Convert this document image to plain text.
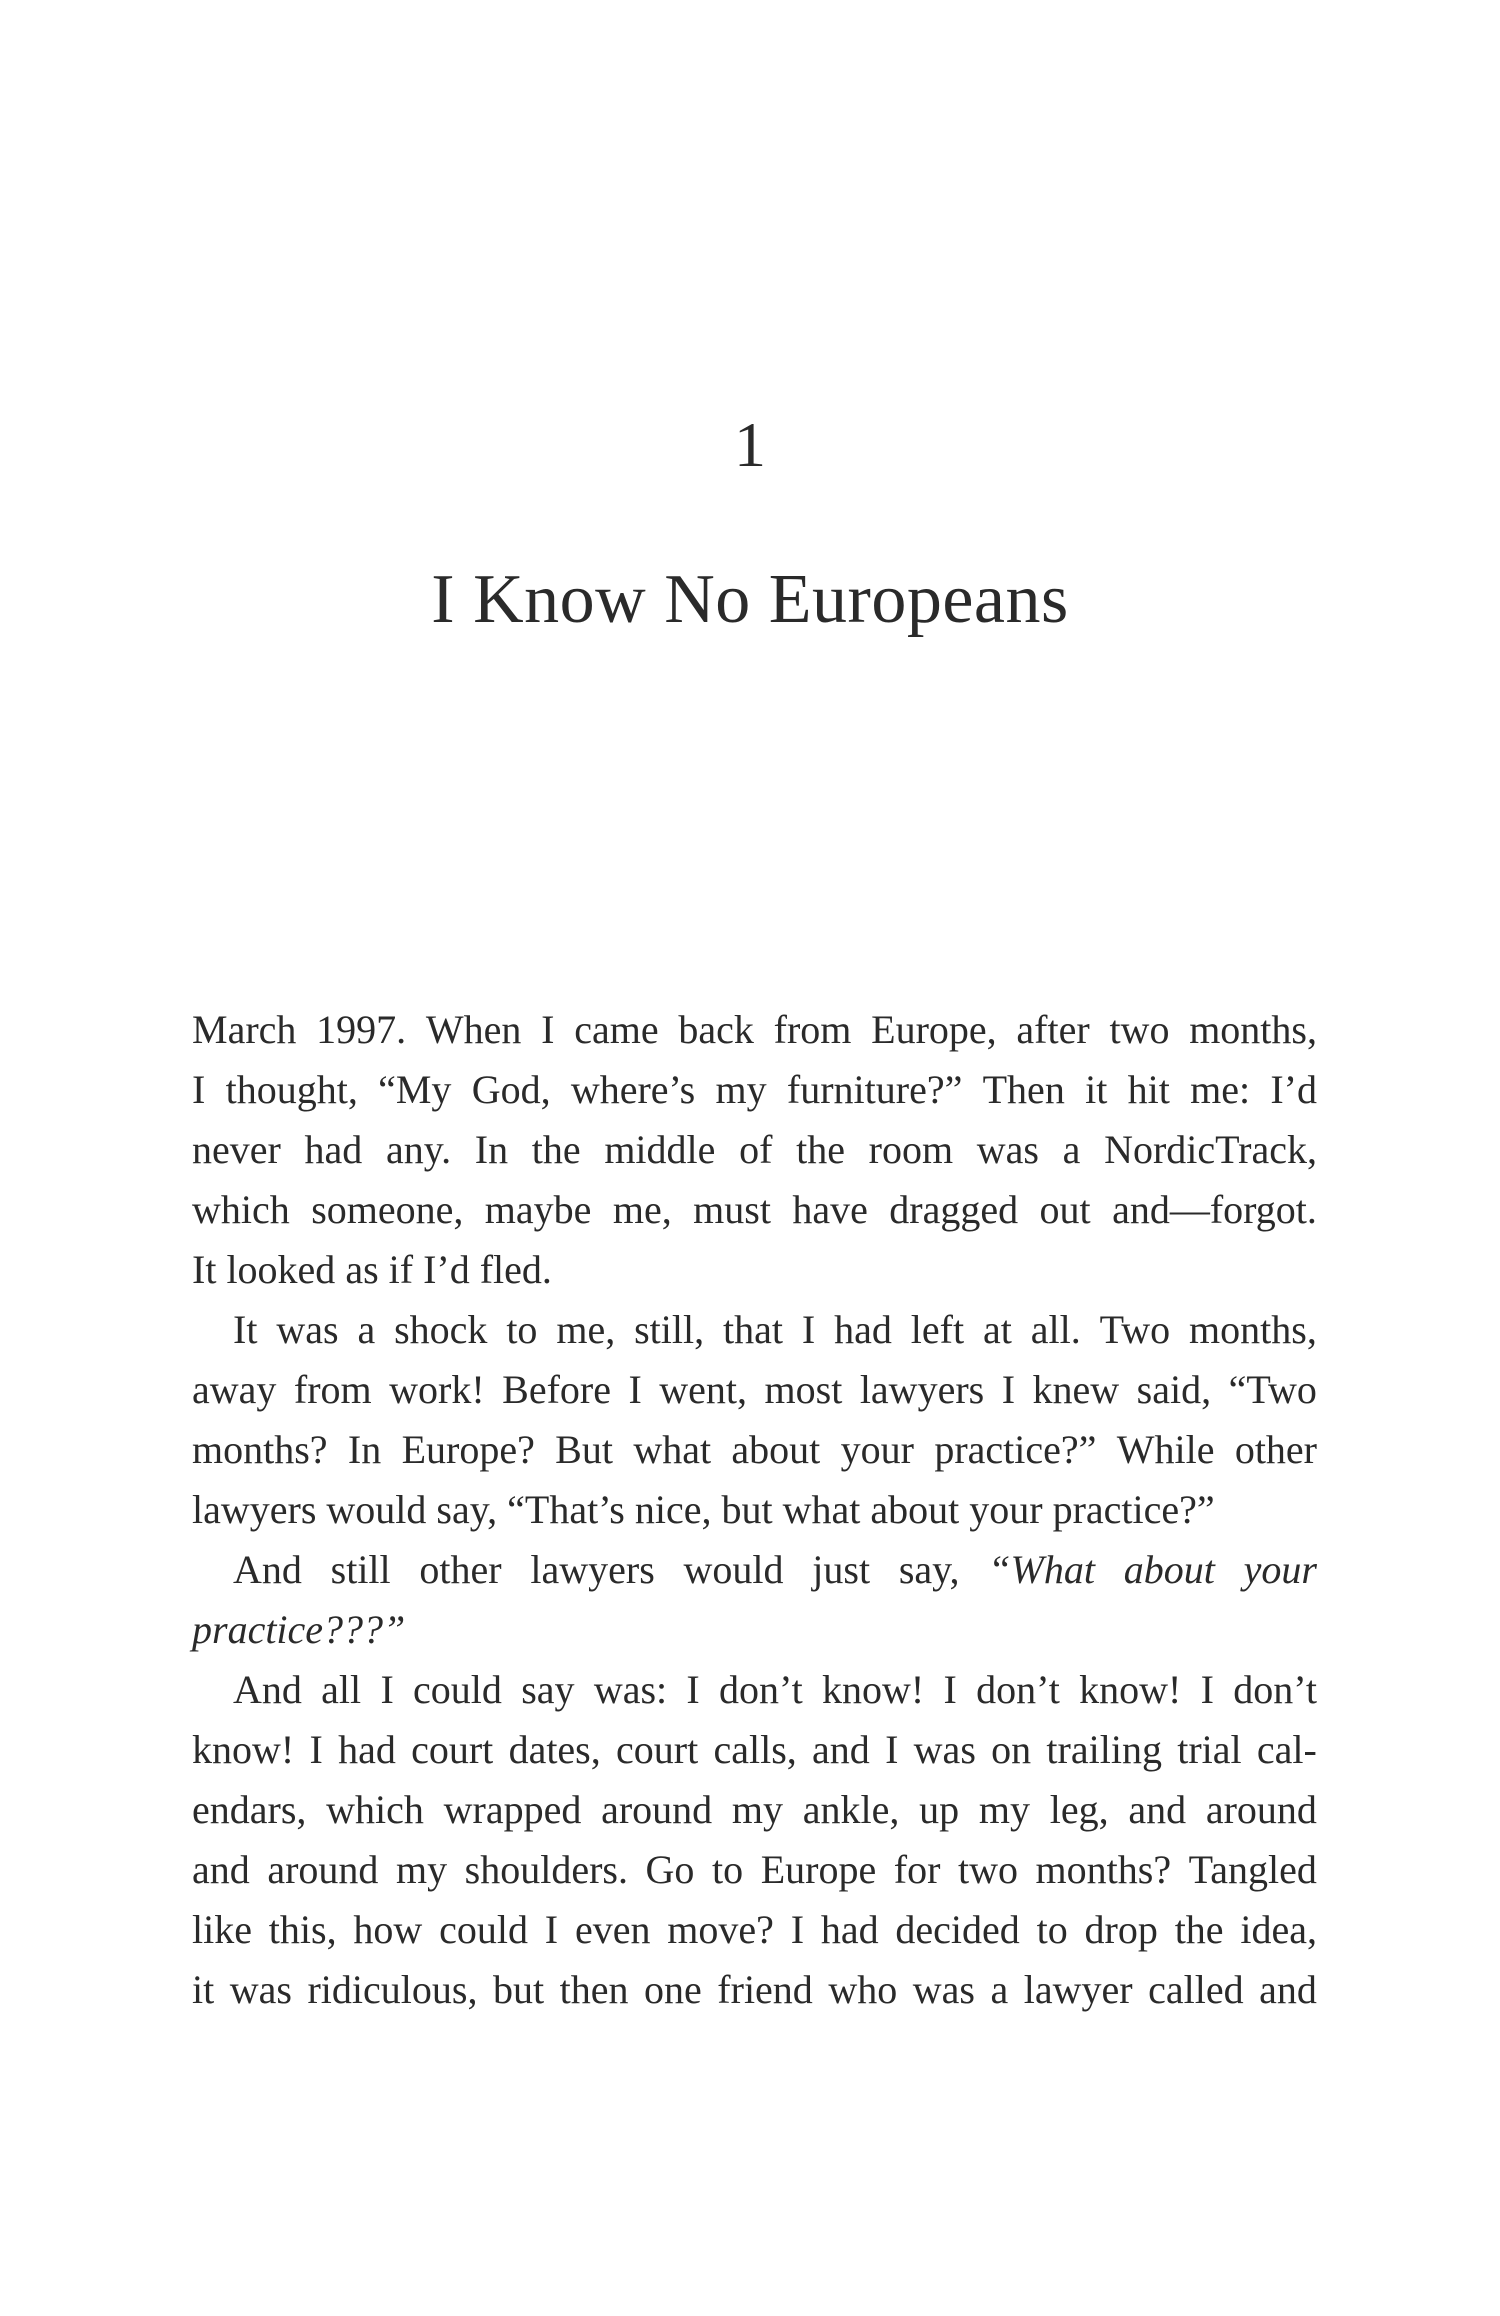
1
I Know No Europeans
March 1997. When I came back from Europe, after two months,
I thought, “My God, where’s my furniture?” Then it hit me: I’d
never had any. In the middle of the room was a NordicTrack,
which someone, maybe me, must have dragged out and—forgot.
It looked as if I’d fled.
It was a shock to me, still, that I had left at all. Two months,
away from work! Before I went, most lawyers I knew said, “Two
months? In Europe? But what about your practice?” While other
lawyers would say, “That’s nice, but what about your practice?”
And still other lawyers would just say, “What about your
practice???”
And all I could say was: I don’t know! I don’t know! I don’t
know! I had court dates, court calls, and I was on trailing trial cal-
endars, which wrapped around my ankle, up my leg, and around
and around my shoulders. Go to Europe for two months? Tangled
like this, how could I even move? I had decided to drop the idea,
it was ridiculous, but then one friend who was a lawyer called and
